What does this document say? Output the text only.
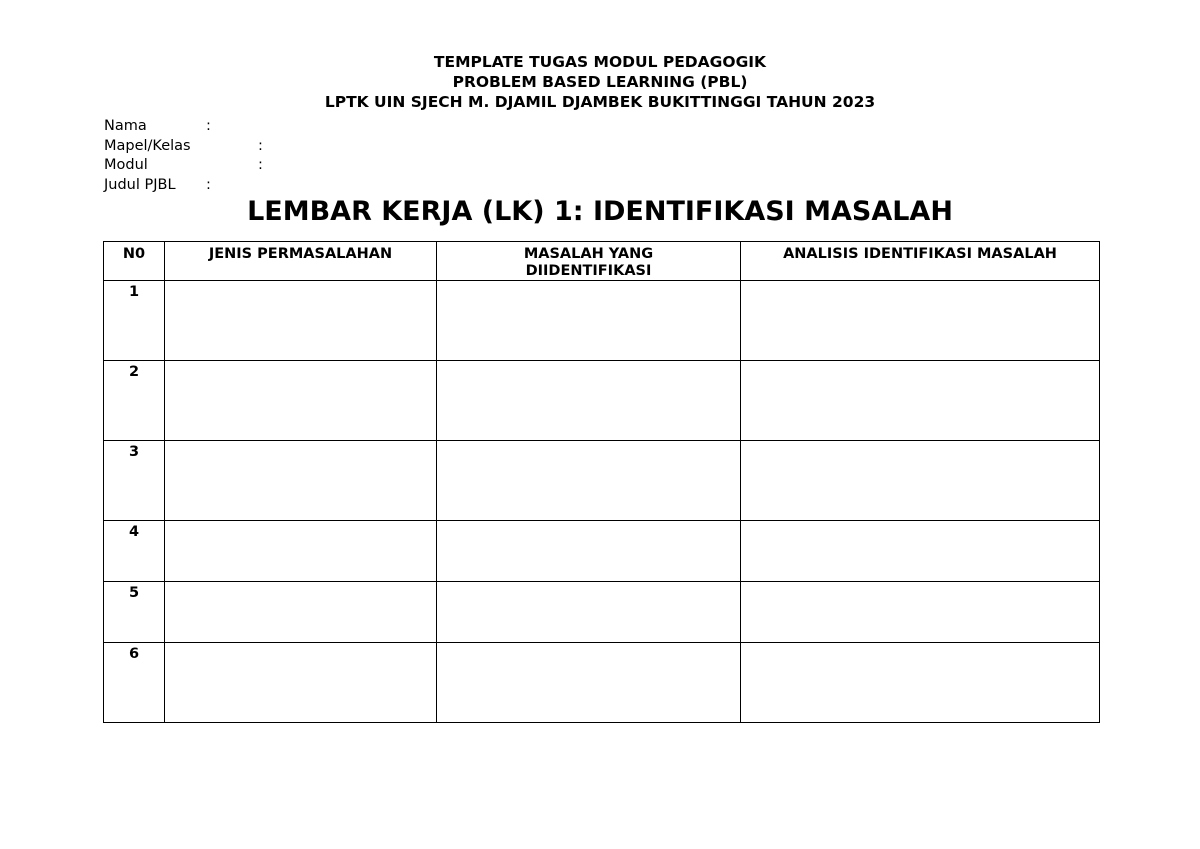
TEMPLATE TUGAS MODUL PEDAGOGIK
PROBLEM BASED LEARNING (PBL)
LPTK UIN SJECH M. DJAMIL DJAMBEK BUKITTINGGI TAHUN 2023
Nama	:
Mapel/Kelas	:
Modul	:
Judul PJBL :
LEMBAR KERJA (LK) 1: IDENTIFIKASI MASALAH
N0	JENIS PERMASALAHAN	MASALAH YANG DIIDENTIFIKASI	ANALISIS IDENTIFIKASI MASALAH
1			
2			
3			
4			
5			
6			
